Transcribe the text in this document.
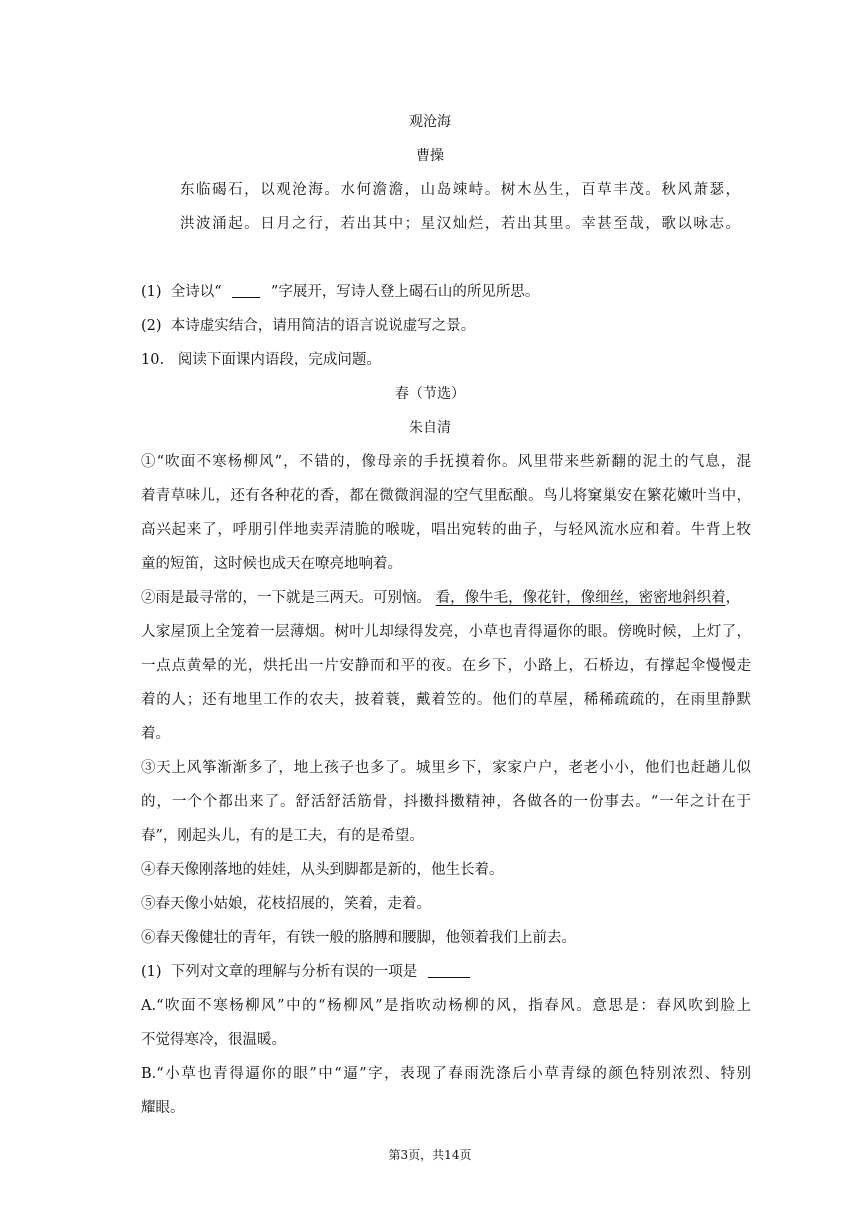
观沧海
曹操
东临碣石，以观沧海。水何澹澹，山岛竦峙。树木丛生，百草丰茂。秋风萧瑟，
洪波涌起。日月之行，若出其中；星汉灿烂，若出其里。幸甚至哉，歌以咏志。
(1) 全诗以“	”字展开，写诗人登上碣石山的所见所思。
(2) 本诗虚实结合，请用简洁的语言说说虚写之景。
10. 阅读下面课内语段，完成问题。
春（节选）
朱自清
①“吹面不寒杨柳风”，不错的，像母亲的手抚摸着你。风里带来些新翻的泥土的气息，混
着青草味儿，还有各种花的香，都在微微润湿的空气里酝酿。鸟儿将窠巢安在繁花嫩叶当中，
高兴起来了，呼朋引伴地卖弄清脆的喉咙，唱出宛转的曲子，与轻风流水应和着。牛背上牧
童的短笛，这时候也成天在嘹亮地响着。
②雨是最寻常的，一下就是三两天。可别恼。 看，像牛毛，像花针，像细丝，密密地斜织着，
人家屋顶上全笼着一层薄烟。树叶儿却绿得发亮，小草也青得逼你的眼。傍晚时候，上灯了，
一点点黄晕的光，烘托出一片安静而和平的夜。在乡下，小路上，石桥边，有撑起伞慢慢走
着的人；还有地里工作的农夫，披着蓑，戴着笠的。他们的草屋，稀稀疏疏的，在雨里静默
着。
③天上风筝渐渐多了，地上孩子也多了。城里乡下，家家户户，老老小小，他们也赶趟儿似
的，一个个都出来了。舒活舒活筋骨，抖擞抖擞精神，各做各的一份事去。“一年之计在于
春”，刚起头儿，有的是工夫，有的是希望。
④春天像刚落地的娃娃，从头到脚都是新的，他生长着。
⑤春天像小姑娘，花枝招展的，笑着，走着。
⑥春天像健壮的青年，有铁一般的胳膊和腰脚，他领着我们上前去。
(1) 下列对文章的理解与分析有误的一项是
A.“吹面不寒杨柳风”中的“杨柳风”是指吹动杨柳的风，指春风。意思是：春风吹到脸上
不觉得寒冷，很温暖。
B.“小草也青得逼你的眼”中“逼”字，表现了春雨洗涤后小草青绿的颜色特别浓烈、特别
耀眼。
第3页，共14页
